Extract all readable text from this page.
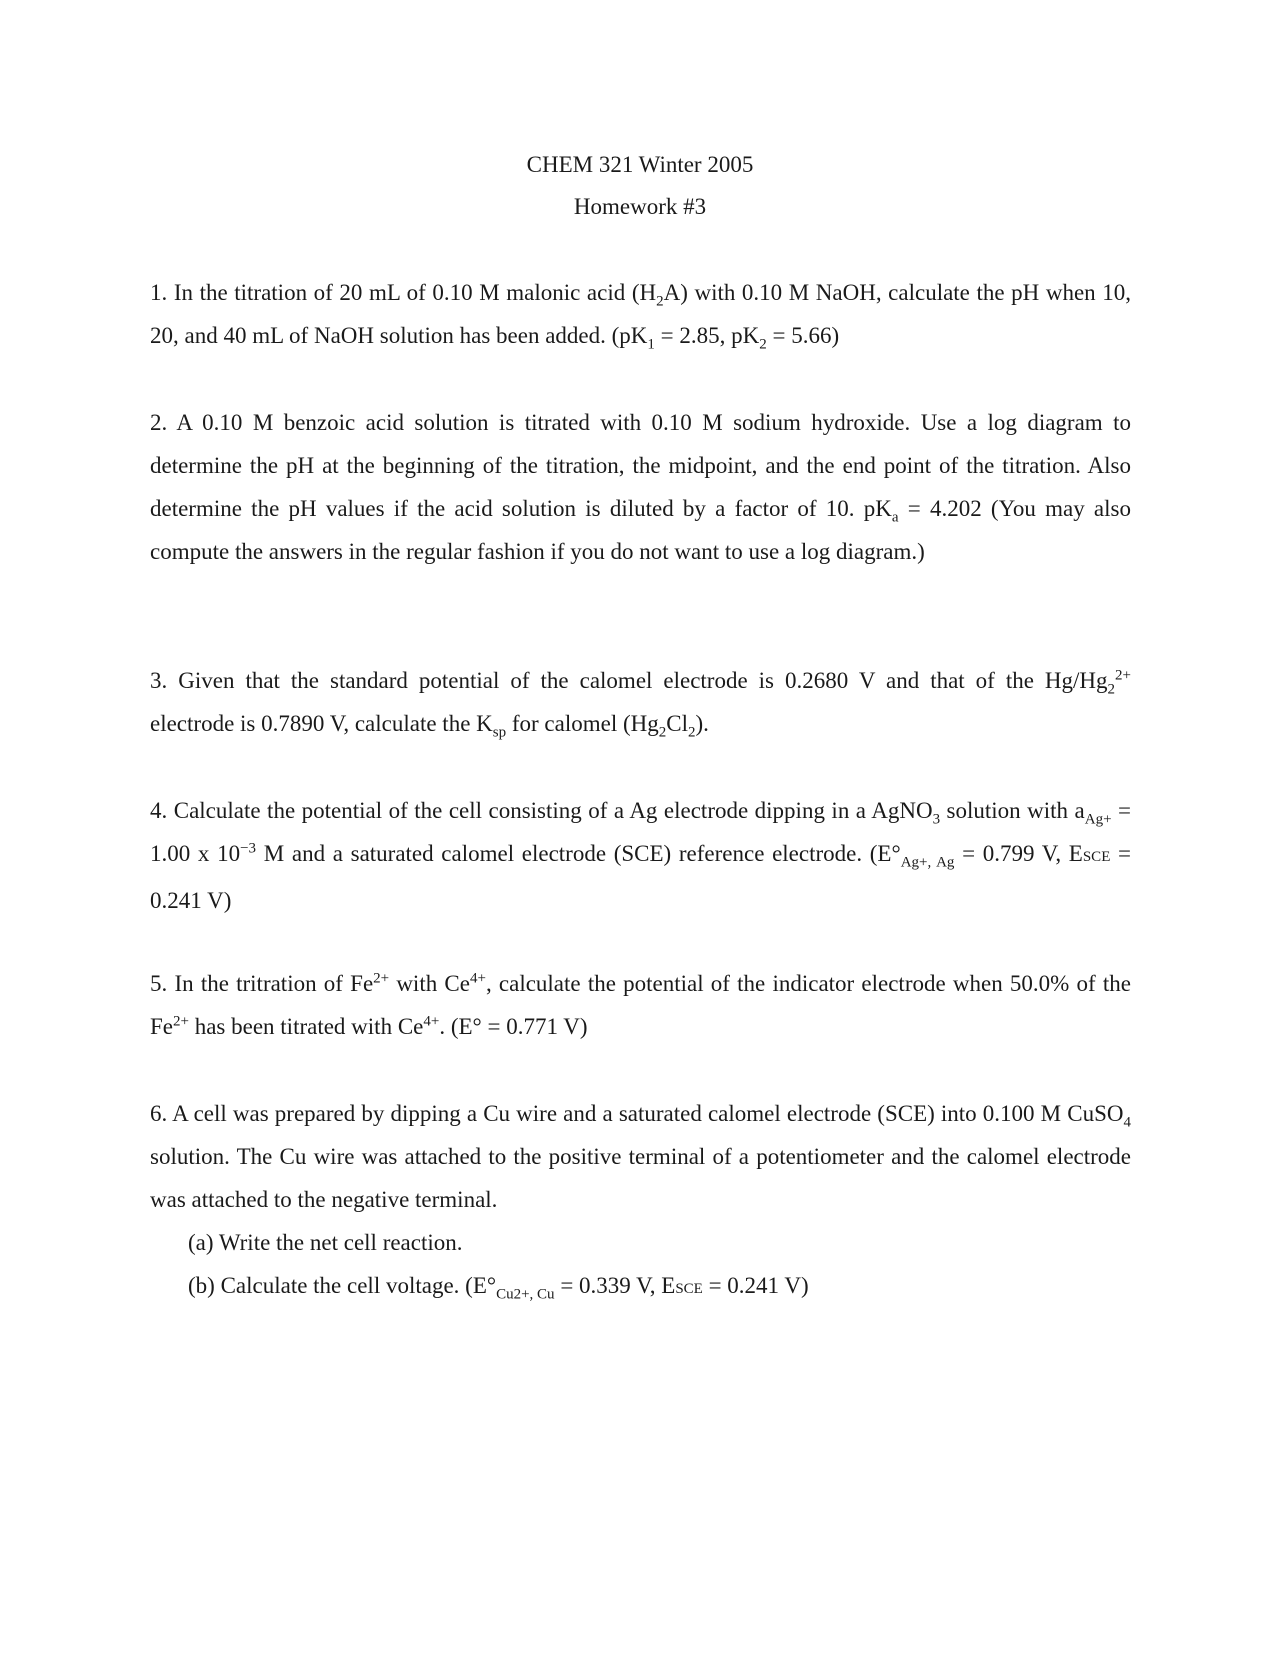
CHEM 321 Winter 2005
Homework #3

1. In the titration of 20 mL of 0.10 M malonic acid $(H_2A)$ with 0.10 M NaOH, calculate the pH when 10, 20, and 40 mL of NaOH solution has been added. ($pK_1 = 2.85$, $pK_2 = 5.66$)

2. A 0.10 M benzoic acid solution is titrated with 0.10 M sodium hydroxide. Use a log diagram to determine the pH at the beginning of the titration, the midpoint, and the end point of the titration. Also determine the pH values if the acid solution is diluted by a factor of 10. $pK_a = 4.202$ (You may also compute the answers in the regular fashion if you do not want to use a log diagram.)

3. Given that the standard potential of the calomel electrode is 0.2680 V and that of the $Hg/Hg_2^{2+}$ electrode is 0.7890 V, calculate the $K_{sp}$ for calomel $(Hg_2Cl_2)$.

4. Calculate the potential of the cell consisting of a Ag electrode dipping in a AgNO$_3$ solution with $a_{Ag+} = 1.00$ x $10^{-3}$ M and a saturated calomel electrode (SCE) reference electrode. ($E^\circ_{Ag+, Ag} = 0.799$ V, ESCE = 0.241 V)

5. In the tritration of $Fe^{2+}$ with $Ce^{4+}$, calculate the potential of the indicator electrode when 50.0% of the $Fe^{2+}$ has been titrated with $Ce^{4+}$. (E° = 0.771 V)

6. A cell was prepared by dipping a Cu wire and a saturated calomel electrode (SCE) into 0.100 M CuSO$_4$ solution. The Cu wire was attached to the positive terminal of a potentiometer and the calomel electrode was attached to the negative terminal.
(a) Write the net cell reaction.
(b) Calculate the cell voltage. ($E^\circ_{Cu2+, Cu} = 0.339$ V, ESCE = 0.241 V)
